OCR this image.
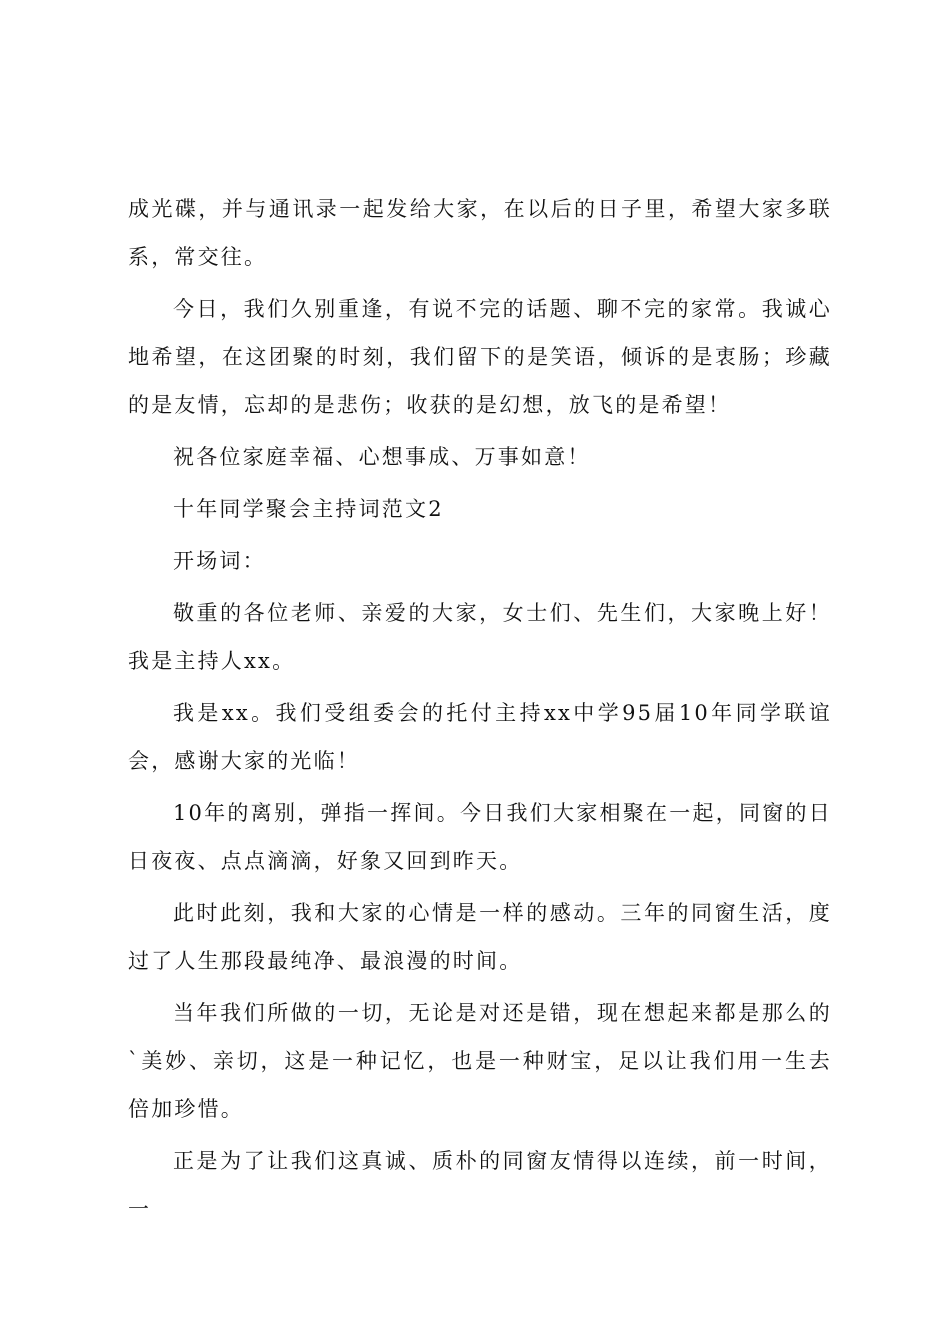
成光碟，并与通讯录一起发给大家，在以后的日子里，希望大家多联系，常交往。

今日，我们久别重逢，有说不完的话题、聊不完的家常。我诚心地希望，在这团聚的时刻，我们留下的是笑语，倾诉的是衷肠；珍藏的是友情，忘却的是悲伤；收获的是幻想，放飞的是希望！

祝各位家庭幸福、心想事成、万事如意！

十年同学聚会主持词范文2

开场词：

敬重的各位老师、亲爱的大家，女士们、先生们，大家晚上好！ 我是主持人xx。

我是xx。我们受组委会的托付主持xx中学95届10年同学联谊会，感谢大家的光临！

10年的离别，弹指一挥间。今日我们大家相聚在一起，同窗的日日夜夜、点点滴滴，好象又回到昨天。

此时此刻，我和大家的心情是一样的感动。三年的同窗生活，度过了人生那段最纯净、最浪漫的时间。

当年我们所做的一切，无论是对还是错，现在想起来都是那么的`美妙、亲切，这是一种记忆，也是一种财宝，足以让我们用一生去倍加珍惜。

正是为了让我们这真诚、质朴的同窗友情得以连续，前一时间，一
